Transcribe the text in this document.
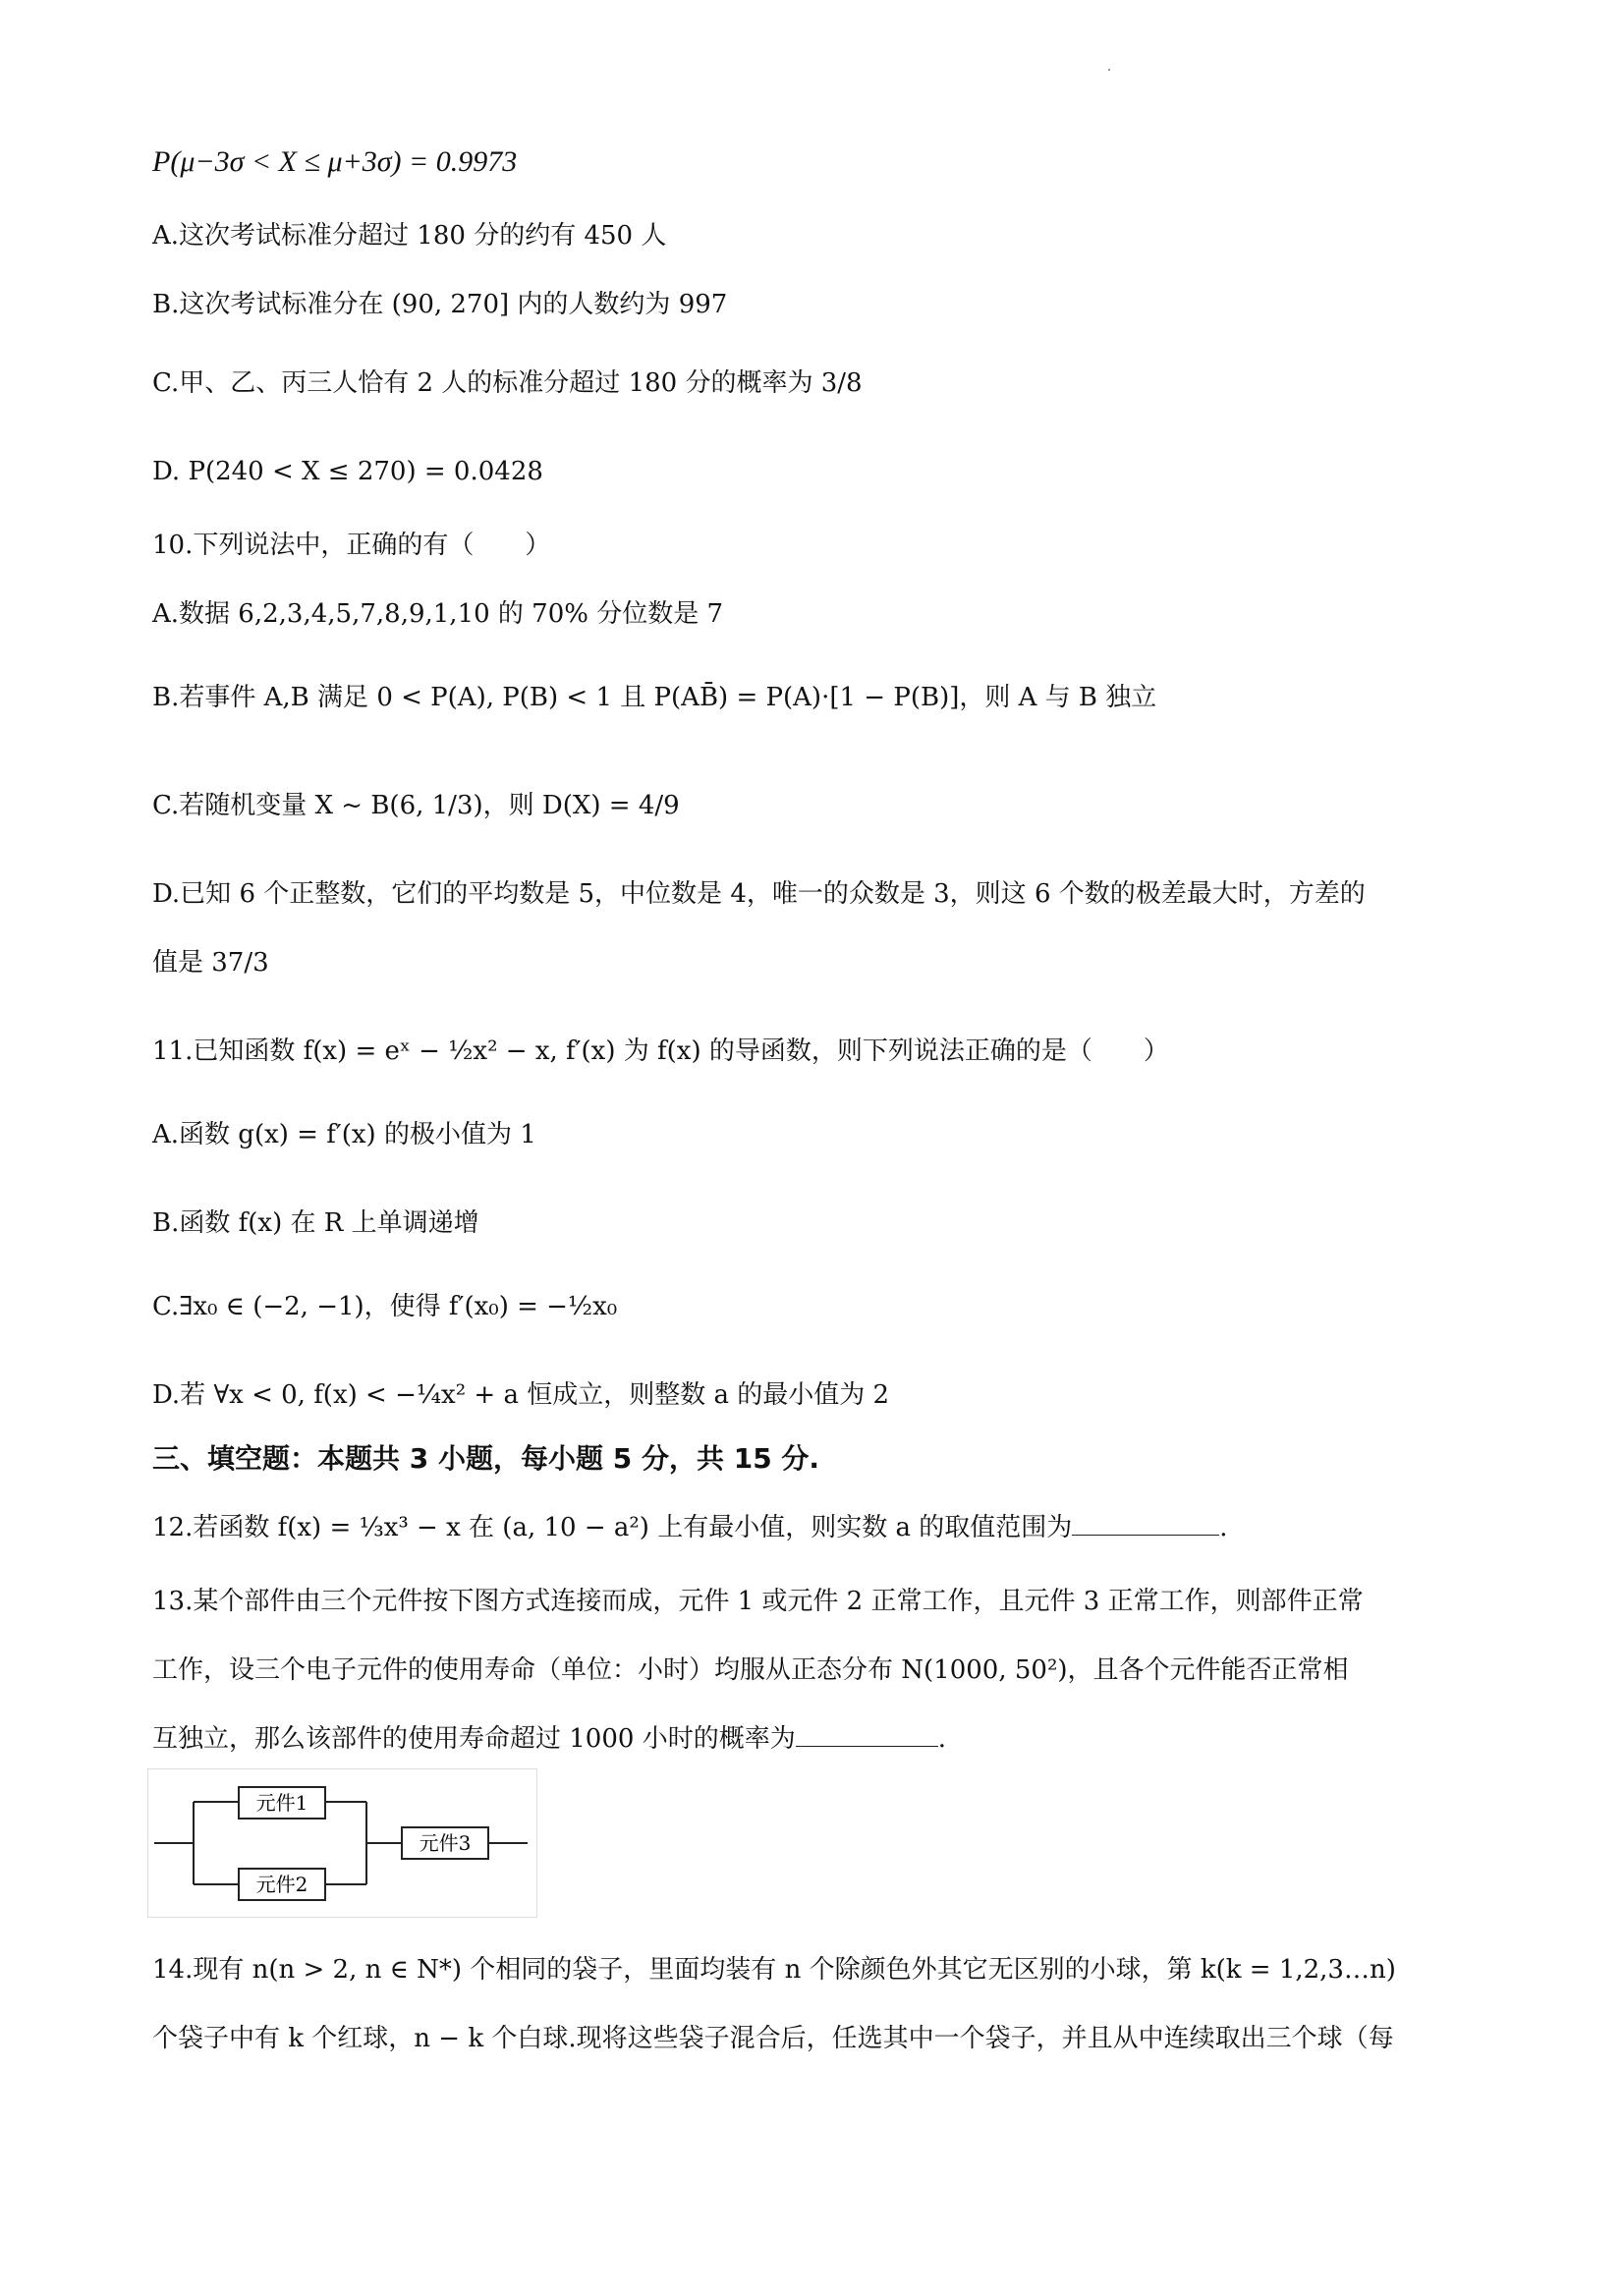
P(μ−3σ < X ≤ μ+3σ) = 0.9973
A.这次考试标准分超过 180 分的约有 450 人
B.这次考试标准分在 (90, 270] 内的人数约为 997
C.甲、乙、丙三人恰有 2 人的标准分超过 180 分的概率为 3/8
D. P(240 < X ≤ 270) = 0.0428
10.下列说法中，正确的有（　　）
A.数据 6,2,3,4,5,7,8,9,1,10 的 70% 分位数是 7
B.若事件 A,B 满足 0 < P(A), P(B) < 1 且 P(AB̄) = P(A)·[1 − P(B)]，则 A 与 B 独立
C.若随机变量 X ~ B(6, 1/3)，则 D(X) = 4/9
D.已知 6 个正整数，它们的平均数是 5，中位数是 4，唯一的众数是 3，则这 6 个数的极差最大时，方差的
值是 37/3
11.已知函数 f(x) = eˣ − ½x² − x, f′(x) 为 f(x) 的导函数，则下列说法正确的是（　　）
A.函数 g(x) = f′(x) 的极小值为 1
B.函数 f(x) 在 R 上单调递增
C.∃x₀ ∈ (−2, −1)，使得 f′(x₀) = −½x₀
D.若 ∀x < 0, f(x) < −¼x² + a 恒成立，则整数 a 的最小值为 2
三、填空题：本题共 3 小题，每小题 5 分，共 15 分.
12.若函数 f(x) = ⅓x³ − x 在 (a, 10 − a²) 上有最小值，则实数 a 的取值范围为	.
13.某个部件由三个元件按下图方式连接而成，元件 1 或元件 2 正常工作，且元件 3 正常工作，则部件正常
工作，设三个电子元件的使用寿命（单位：小时）均服从正态分布 N(1000, 50²)，且各个元件能否正常相
互独立，那么该部件的使用寿命超过 1000 小时的概率为	.
元件1
元件2
元件3
14.现有 n(n > 2, n ∈ N*) 个相同的袋子，里面均装有 n 个除颜色外其它无区别的小球，第 k(k = 1,2,3…n)
个袋子中有 k 个红球，n − k 个白球.现将这些袋子混合后，任选其中一个袋子，并且从中连续取出三个球（每
